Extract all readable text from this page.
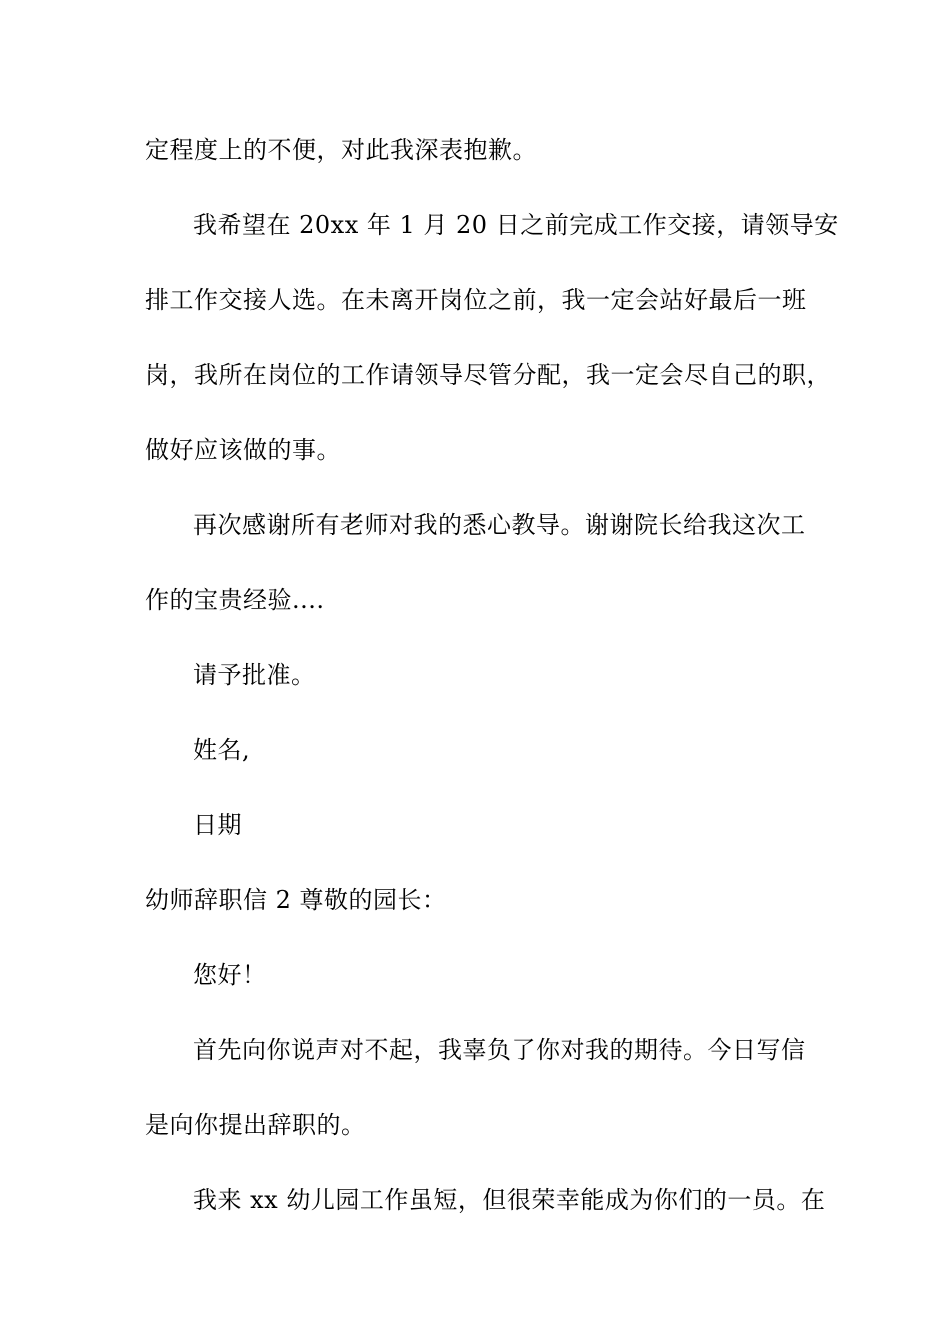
定程度上的不便，对此我深表抱歉。
我希望在 20xx 年 1 月 20 日之前完成工作交接，请领导安
排工作交接人选。在未离开岗位之前，我一定会站好最后一班
岗，我所在岗位的工作请领导尽管分配，我一定会尽自己的职，
做好应该做的事。
再次感谢所有老师对我的悉心教导。谢谢院长给我这次工
作的宝贵经验....
请予批准。
姓名,
日期
幼师辞职信 2 尊敬的园长：
您好！
首先向你说声对不起，我辜负了你对我的期待。今日写信
是向你提出辞职的。
我来 xx 幼儿园工作虽短，但很荣幸能成为你们的一员。在
